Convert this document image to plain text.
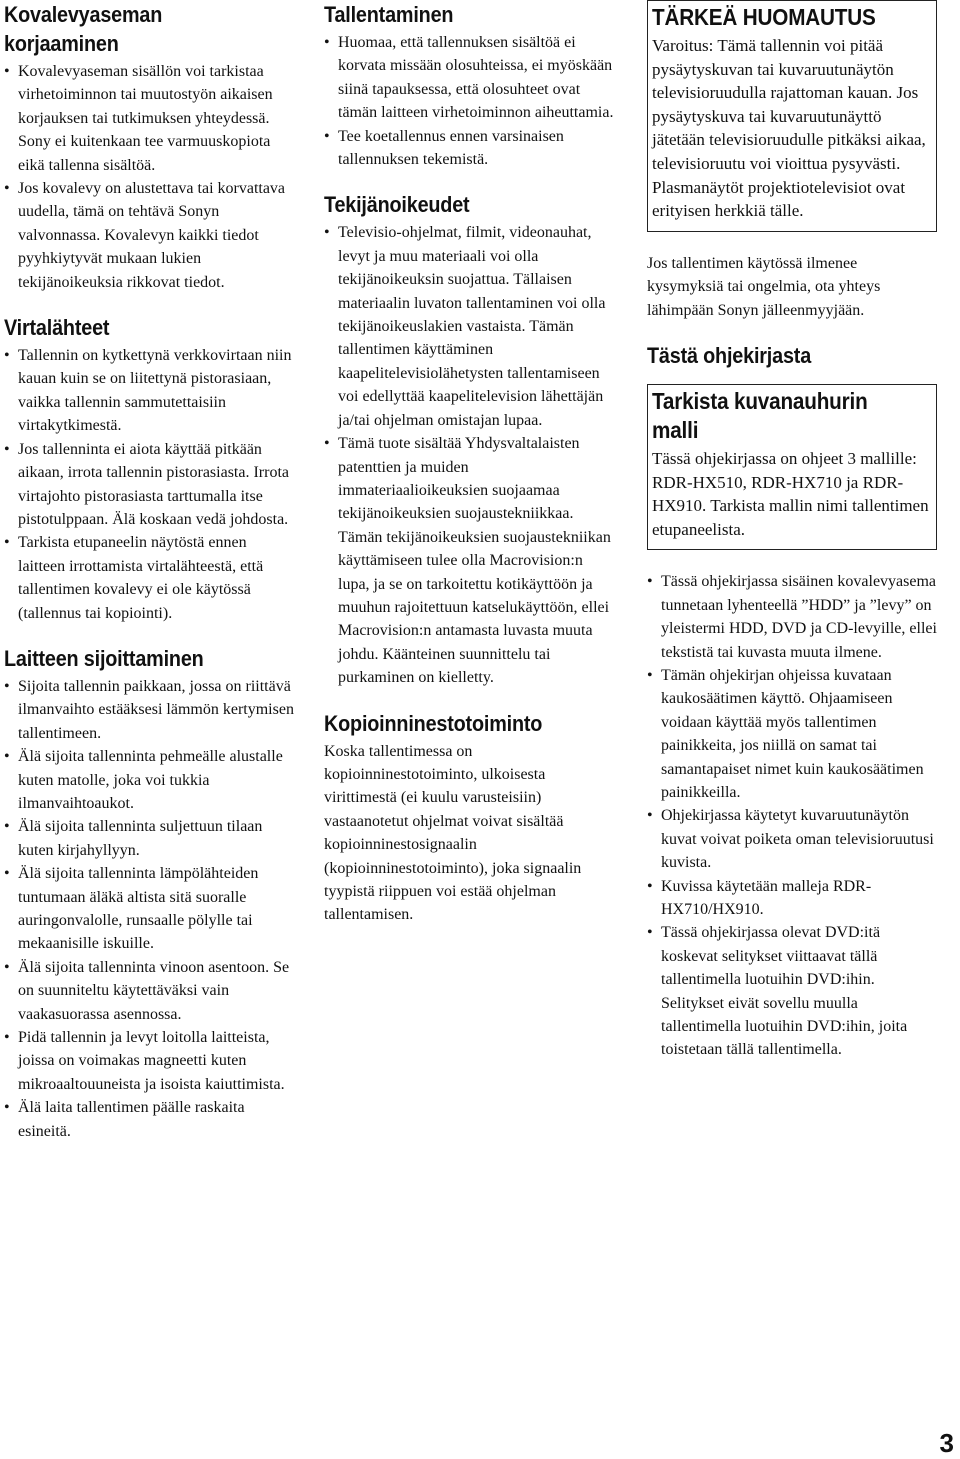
Kovalevyaseman korjaaminen
• Kovalevyaseman sisällön voi tarkistaa virhetoiminnon tai muutostyön aikaisen korjauksen tai tutkimuksen yhteydessä. Sony ei kuitenkaan tee varmuuskopiota eikä tallenna sisältöä.
• Jos kovalevy on alustettava tai korvattava uudella, tämä on tehtävä Sonyn valvonnassa. Kovalevyn kaikki tiedot pyyhkiytyvät mukaan lukien tekijänoikeuksia rikkovat tiedot.
Virtalähteet
• Tallennin on kytkettynä verkkovirtaan niin kauan kuin se on liitettynä pistorasiaan, vaikka tallennin sammutettaisiin virtakytkimestä.
• Jos tallenninta ei aiota käyttää pitkään aikaan, irrota tallennin pistorasiasta. Irrota virtajohto pistorasiasta tarttumalla itse pistotulppaan. Älä koskaan vedä johdosta.
• Tarkista etupaneelin näytöstä ennen laitteen irrottamista virtalähteestä, että tallentimen kovalevy ei ole käytössä (tallennus tai kopiointi).
Laitteen sijoittaminen
• Sijoita tallennin paikkaan, jossa on riittävä ilmanvaihto estääksesi lämmön kertymisen tallentimeen.
• Älä sijoita tallenninta pehmeälle alustalle kuten matolle, joka voi tukkia ilmanvaihtoaukot.
• Älä sijoita tallenninta suljettuun tilaan kuten kirjahyllyyn.
• Älä sijoita tallenninta lämpölähteiden tuntumaan äläkä altista sitä suoralle auringonvalolle, runsaalle pölylle tai mekaanisille iskuille.
• Älä sijoita tallenninta vinoon asentoon. Se on suunniteltu käytettäväksi vain vaakasuorassa asennossa.
• Pidä tallennin ja levyt loitolla laitteista, joissa on voimakas magneetti kuten mikroaaltouuneista ja isoista kaiuttimista.
• Älä laita tallentimen päälle raskaita esineitä.
Tallentaminen
• Huomaa, että tallennuksen sisältöä ei korvata missään olosuhteissa, ei myöskään siinä tapauksessa, että olosuhteet ovat tämän laitteen virhetoiminnon aiheuttamia.
• Tee koetallennus ennen varsinaisen tallennuksen tekemistä.
Tekijänoikeudet
• Televisio-ohjelmat, filmit, videonauhat, levyt ja muu materiaali voi olla tekijänoikeuksin suojattua. Tällaisen materiaalin luvaton tallentaminen voi olla tekijänoikeuslakien vastaista. Tämän tallentimen käyttäminen kaapelitelevisiolähetysten tallentamiseen voi edellyttää kaapelitelevision lähettäjän ja/tai ohjelman omistajan lupaa.
• Tämä tuote sisältää Yhdysvaltalaisten patenttien ja muiden immateriaalioikeuksien suojaamaa tekijänoikeuksien suojaustekniikkaa. Tämän tekijänoikeuksien suojaustekniikan käyttämiseen tulee olla Macrovision:n lupa, ja se on tarkoitettu kotikäyttöön ja muuhun rajoitettuun katselukäyttöön, ellei Macrovision:n antamasta luvasta muuta johdu. Käänteinen suunnittelu tai purkaminen on kielletty.
Kopioinninestotoiminto

Koska tallentimessa on kopioinninestotoiminto, ulkoisesta virittimestä (ei kuulu varusteisiin) vastaanotetut ohjelmat voivat sisältää kopioinninestosignaalin (kopioinninestotoiminto), joka signaalin tyypistä riippuen voi estää ohjelman tallentamisen.

TÄRKEÄ HUOMAUTUS

Varoitus: Tämä tallennin voi pitää pysäytyskuvan tai kuvaruutunäytön televisioruudulla rajattoman kauan. Jos pysäytyskuva tai kuvaruutunäyttö jätetään televisioruudulle pitkäksi aikaa, televisioruutu voi vioittua pysyvästi. Plasmanäytöt projektiotelevisiot ovat erityisen herkkiä tälle.

Jos tallentimen käytössä ilmenee kysymyksiä tai ongelmia, ota yhteys lähimpään Sonyn jälleenmyyjään.

Tästä ohjekirjasta
Tarkista kuvanauhurin malli

Tässä ohjekirjassa on ohjeet 3 mallille: RDR-HX510, RDR-HX710 ja RDR-HX910. Tarkista mallin nimi tallentimen etupaneelista.

• Tässä ohjekirjassa sisäinen kovalevyasema tunnetaan lyhenteellä ”HDD” ja ”levy” on yleistermi HDD, DVD ja CD-levyille, ellei tekstistä tai kuvasta muuta ilmene.
• Tämän ohjekirjan ohjeissa kuvataan kaukosäätimen käyttö. Ohjaamiseen voidaan käyttää myös tallentimen painikkeita, jos niillä on samat tai samantapaiset nimet kuin kaukosäätimen painikkeilla.
• Ohjekirjassa käytetyt kuvaruutunäytön kuvat voivat poiketa oman televisioruutusi kuvista.
• Kuvissa käytetään malleja RDR-HX710/HX910.
• Tässä ohjekirjassa olevat DVD:itä koskevat selitykset viittaavat tällä tallentimella luotuihin DVD:ihin. Selitykset eivät sovellu muulla tallentimella luotuihin DVD:ihin, joita toistetaan tällä tallentimella.
3
